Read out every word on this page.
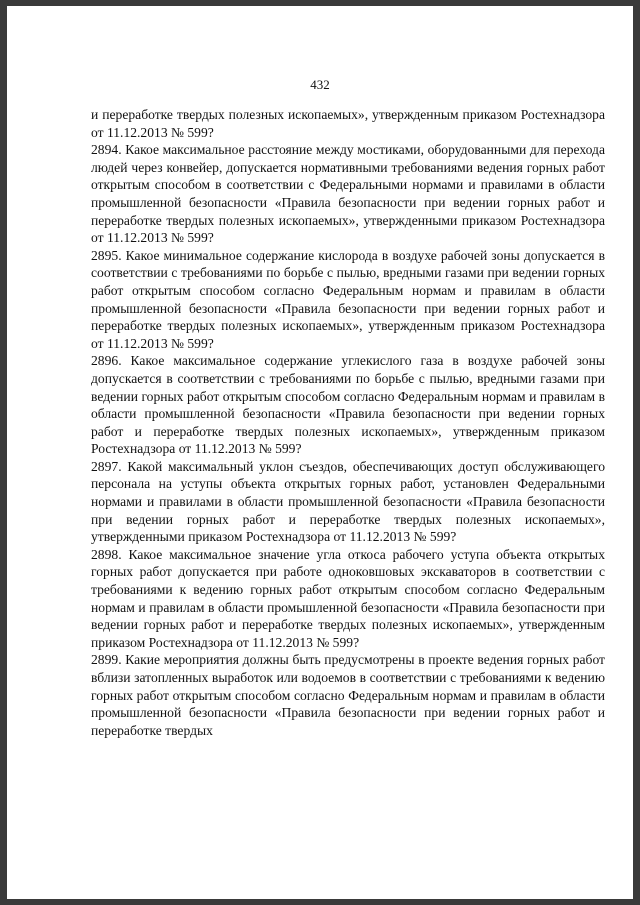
432

и переработке твердых полезных ископаемых», утвержденным приказом Ростехнадзора от 11.12.2013 № 599?

2894. Какое максимальное расстояние между мостиками, оборудованными для перехода людей через конвейер, допускается нормативными требованиями ведения горных работ открытым способом в соответствии с Федеральными нормами и правилами в области промышленной безопасности «Правила безопасности при ведении горных работ и переработке твердых полезных ископаемых», утвержденными приказом Ростехнадзора от 11.12.2013 № 599?

2895. Какое минимальное содержание кислорода в воздухе рабочей зоны допускается в соответствии с требованиями по борьбе с пылью, вредными газами при ведении горных работ открытым способом согласно Федеральным нормам и правилам в области промышленной безопасности «Правила безопасности при ведении горных работ и переработке твердых полезных ископаемых», утвержденным приказом Ростехнадзора от 11.12.2013 № 599?

2896. Какое максимальное содержание углекислого газа в воздухе рабочей зоны допускается в соответствии с требованиями по борьбе с пылью, вредными газами при ведении горных работ открытым способом согласно Федеральным нормам и правилам в области промышленной безопасности «Правила безопасности при ведении горных работ и переработке твердых полезных ископаемых», утвержденным приказом Ростехнадзора от 11.12.2013 № 599?

2897. Какой максимальный уклон съездов, обеспечивающих доступ обслуживающего персонала на уступы объекта открытых горных работ, установлен Федеральными нормами и правилами в области промышленной безопасности «Правила безопасности при ведении горных работ и переработке твердых полезных ископаемых», утвержденными приказом Ростехнадзора от 11.12.2013 № 599?

2898. Какое максимальное значение угла откоса рабочего уступа объекта открытых горных работ допускается при работе одноковшовых экскаваторов в соответствии с требованиями к ведению горных работ открытым способом согласно Федеральным нормам и правилам в области промышленной безопасности «Правила безопасности при ведении горных работ и переработке твердых полезных ископаемых», утвержденным приказом Ростехнадзора от 11.12.2013 № 599?

2899. Какие мероприятия должны быть предусмотрены в проекте ведения горных работ вблизи затопленных выработок или водоемов в соответствии с требованиями к ведению горных работ открытым способом согласно Федеральным нормам и правилам в области промышленной безопасности «Правила безопасности при ведении горных работ и переработке твердых
